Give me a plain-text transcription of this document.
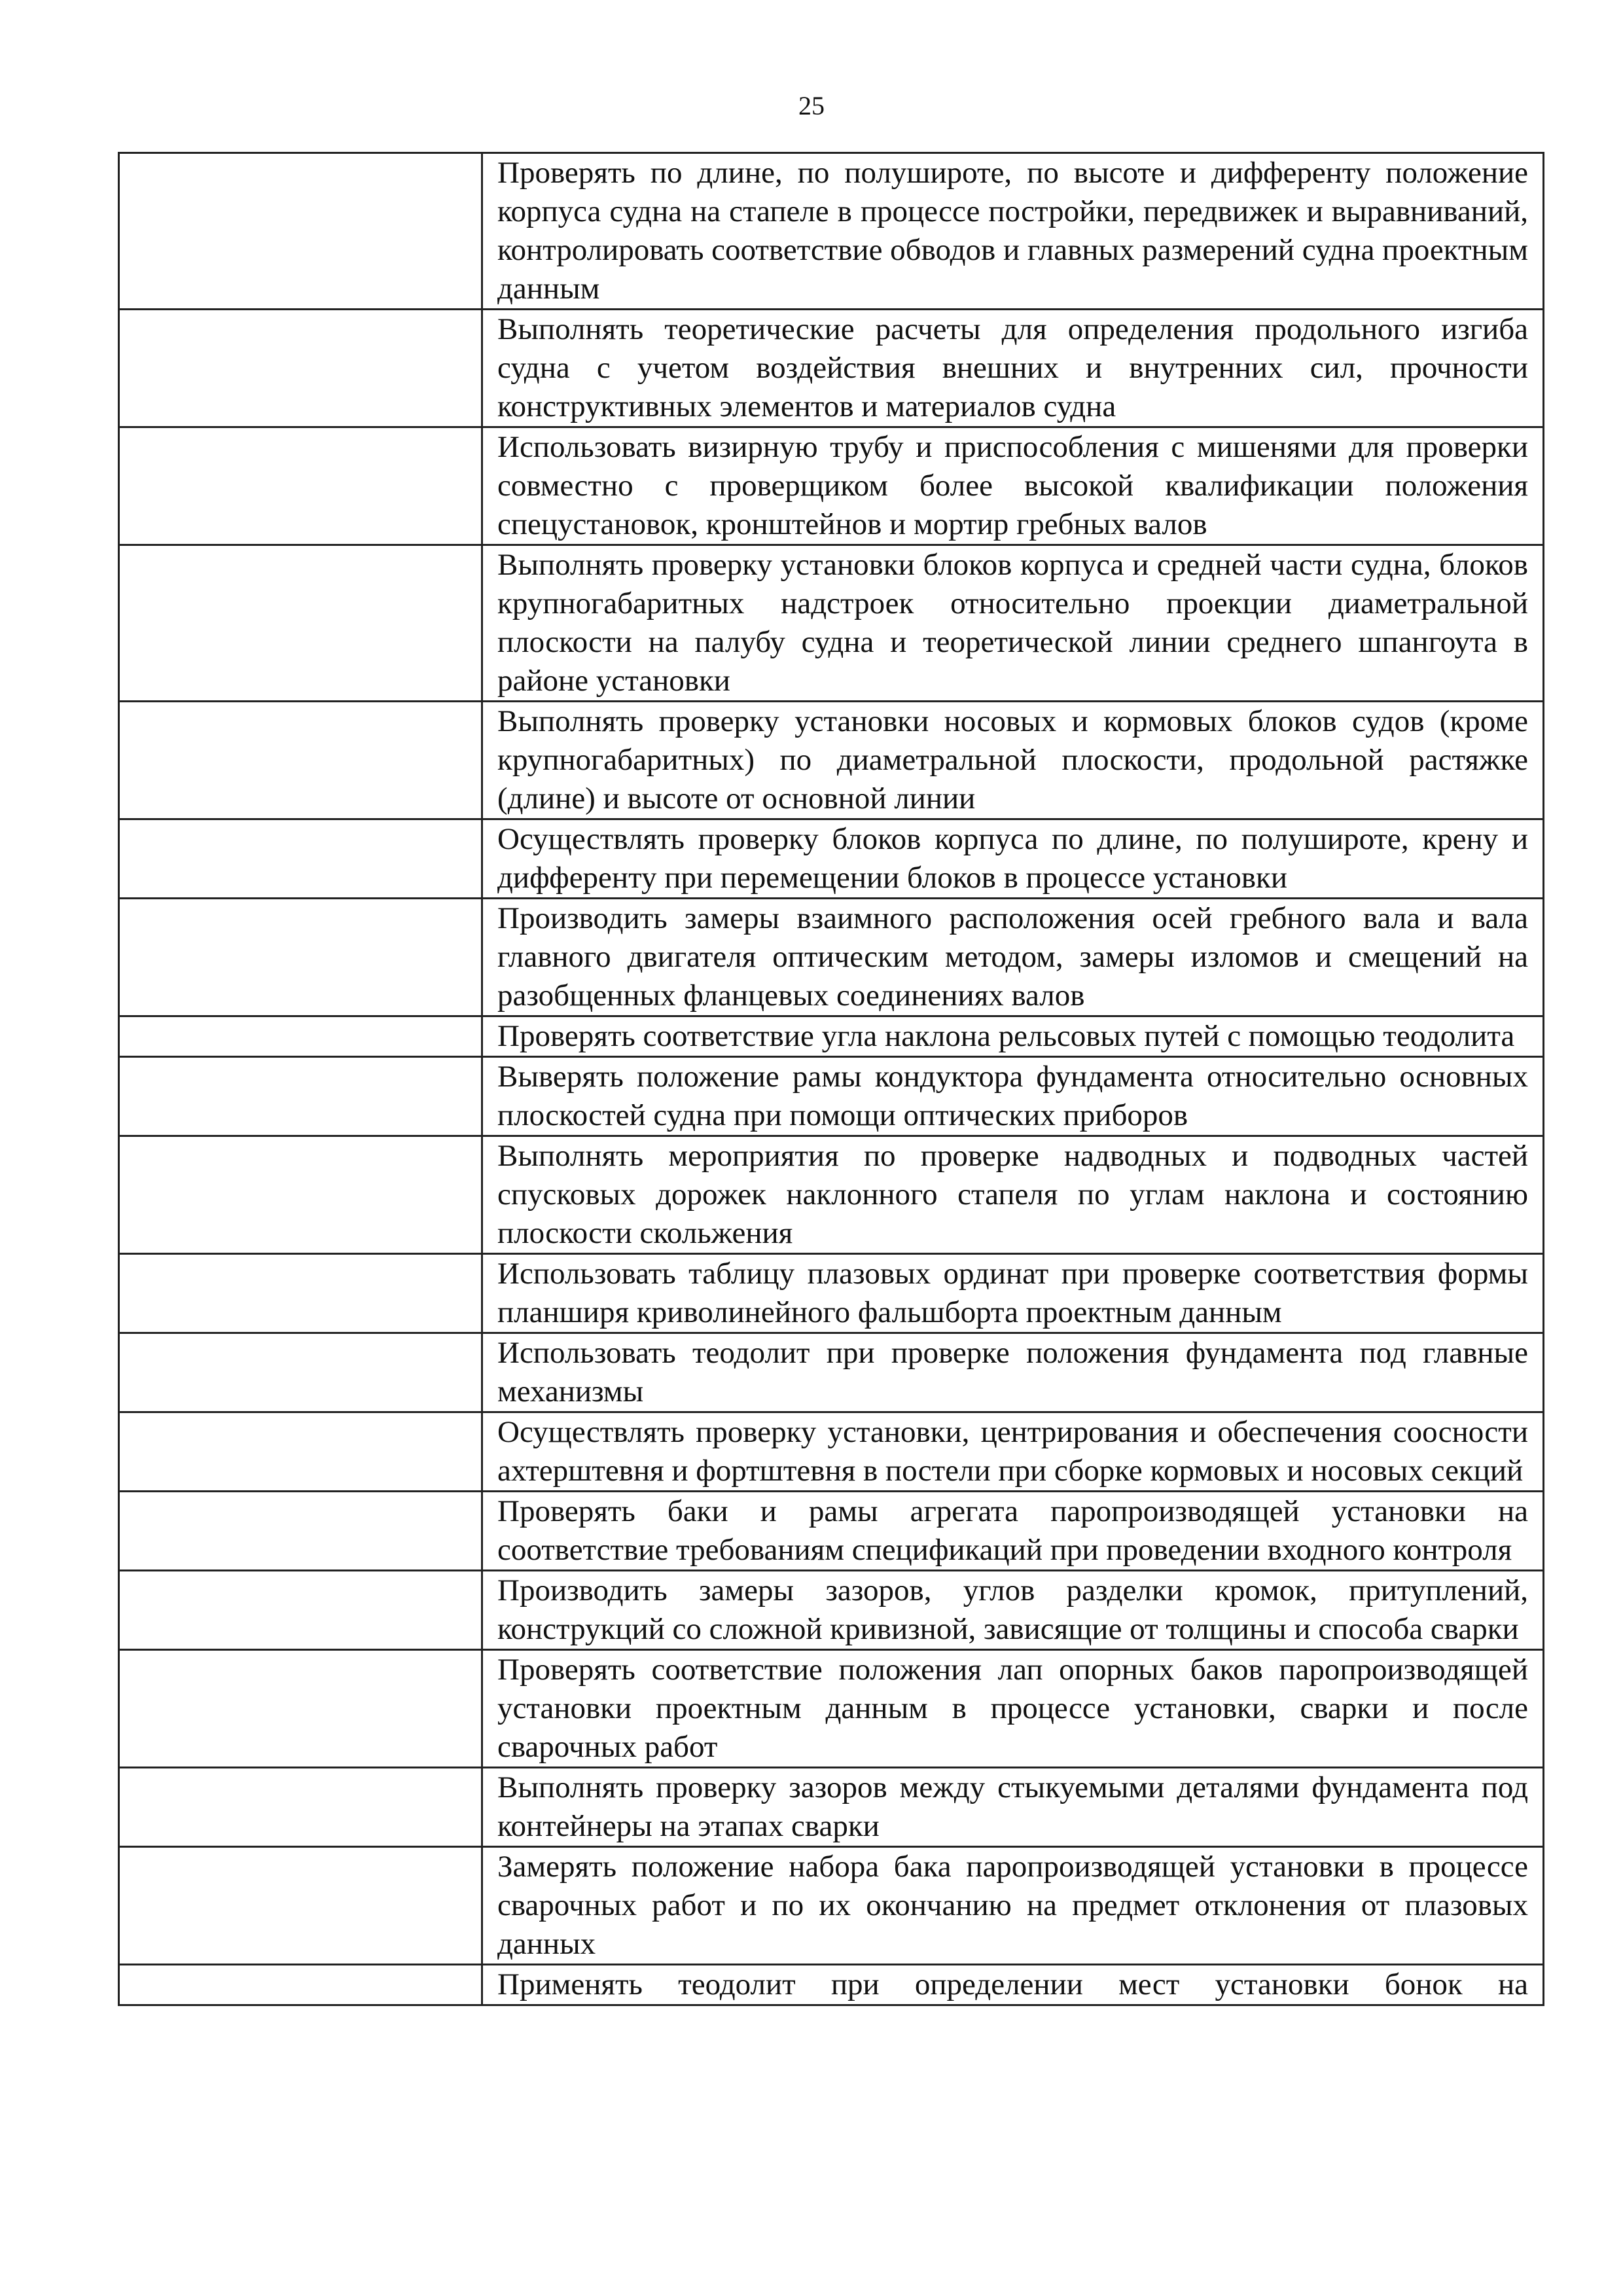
25

	Проверять по длине, по полушироте, по высоте и дифференту положение корпуса судна на стапеле в процессе постройки, передвижек и выравниваний, контролировать соответствие обводов и главных размерений судна проектным данным

	Выполнять теоретические расчеты для определения продольного изгиба судна с учетом воздействия внешних и внутренних сил, прочности конструктивных элементов и материалов судна

	Использовать визирную трубу и приспособления с мишенями для проверки совместно с проверщиком более высокой квалификации положения спецустановок, кронштейнов и мортир гребных валов

	Выполнять проверку установки блоков корпуса и средней части судна, блоков крупногабаритных надстроек относительно проекции диаметральной плоскости на палубу судна и теоретической линии среднего шпангоута в районе установки

	Выполнять проверку установки носовых и кормовых блоков судов (кроме крупногабаритных) по диаметральной плоскости, продольной растяжке (длине) и высоте от основной линии

	Осуществлять проверку блоков корпуса по длине, по полушироте, крену и дифференту при перемещении блоков в процессе установки

	Производить замеры взаимного расположения осей гребного вала и вала главного двигателя оптическим методом, замеры изломов и смещений на разобщенных фланцевых соединениях валов

	Проверять соответствие угла наклона рельсовых путей с помощью теодолита

	Выверять положение рамы кондуктора фундамента относительно основных плоскостей судна при помощи оптических приборов

	Выполнять мероприятия по проверке надводных и подводных частей спусковых дорожек наклонного стапеля по углам наклона и состоянию плоскости скольжения

	Использовать таблицу плазовых ординат при проверке соответствия формы планширя криволинейного фальшборта проектным данным

	Использовать теодолит при проверке положения фундамента под главные механизмы

	Осуществлять проверку установки, центрирования и обеспечения соосности ахтерштевня и фортштевня в постели при сборке кормовых и носовых секций

	Проверять баки и рамы агрегата паропроизводящей установки на соответствие требованиям спецификаций при проведении входного контроля

	Производить замеры зазоров, углов разделки кромок, притуплений, конструкций со сложной кривизной, зависящие от толщины и способа сварки

	Проверять соответствие положения лап опорных баков паропроизводящей установки проектным данным в процессе установки, сварки и после сварочных работ

	Выполнять проверку зазоров между стыкуемыми деталями фундамента под контейнеры на этапах сварки

	Замерять положение набора бака паропроизводящей установки в процессе сварочных работ и по их окончанию на предмет отклонения от плазовых данных

	Применять теодолит при определении мест установки бонок на
